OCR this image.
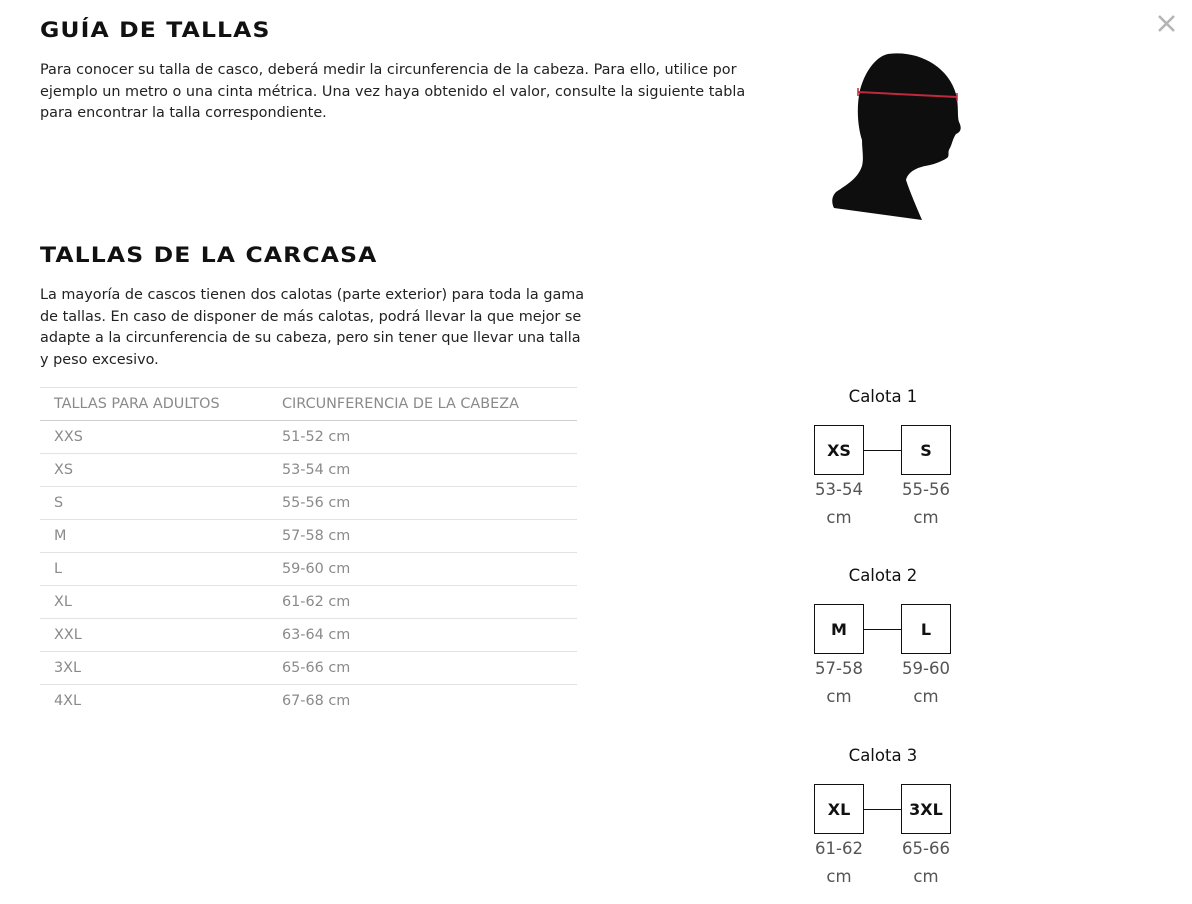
GUÍA DE TALLAS

Para conocer su talla de casco, deberá medir la circunferencia de la cabeza. Para ello, utilice por ejemplo un metro o una cinta métrica. Una vez haya obtenido el valor, consulte la siguiente tabla para encontrar la talla correspondiente.

TALLAS DE LA CARCASA

La mayoría de cascos tienen dos calotas (parte exterior) para toda la gama de tallas. En caso de disponer de más calotas, podrá llevar la que mejor se adapte a la circunferencia de su cabeza, pero sin tener que llevar una talla y peso excesivo.

TALLAS PARA ADULTOS	CIRCUNFERENCIA DE LA CABEZA
XXS	51-52 cm
XS	53-54 cm
S	55-56 cm
M	57-58 cm
L	59-60 cm
XL	61-62 cm
XXL	63-64 cm
3XL	65-66 cm
4XL	67-68 cm
Calota 1
XS	S
53-54
cm
55-56
cm
Calota 2
M	L
57-58
cm
59-60
cm
Calota 3
XL	3XL
61-62
cm
65-66
cm
